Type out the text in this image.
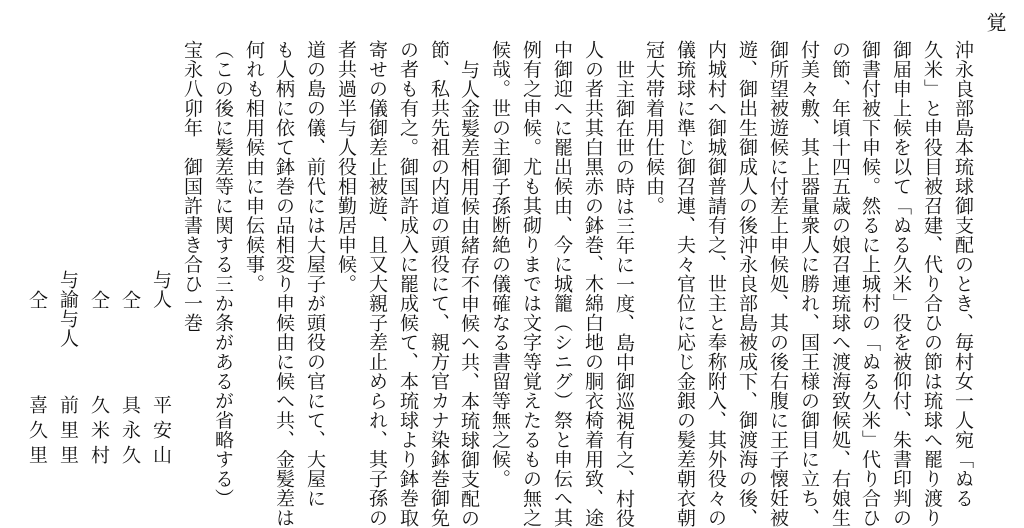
覚
沖永良部島本琉球御支配のとき、毎村女一人宛「ぬる
久米」と申役目被召建、代り合ひの節は琉球へ罷り渡り
御届申上候を以て「ぬる久米」役を被仰付、朱書印判の
御書付被下申候。然るに上城村の「ぬる久米」代り合ひ
の節、年頃十四五歳の娘召連琉球へ渡海致候処、右娘生
付美々敷、其上器量衆人に勝れ、国王様の御目に立ち、
御所望被遊候に付差上申候処、其の後右腹に王子懐妊被
遊、御出生御成人の後沖永良部島被成下、御渡海の後、
内城村へ御城御普請有之、世主と奉称附入、其外役々の
儀琉球に準じ御召連、夫々官位に応じ金銀の髪差朝衣朝
冠大帯着用仕候由。
世主御在世の時は三年に一度、島中御巡視有之、村役
人の者共其白黒赤の鉢巻、木綿白地の胴衣椅着用致、途
中御迎へに罷出候由、今に城籠（シニグ）祭と申伝へ其
例有之申候。尤も其砌りまでは文字等覚えたるもの無之
候哉。世の主御子孫断絶の儀確なる書留等無之候。
与人金髪差相用候由緒存不申候へ共、本琉球御支配の
節、私共先祖の内道の頭役にて、親方官カナ染鉢巻御免
の者も有之。御国許成入に罷成候て、本琉球より鉢巻取
寄せの儀御差止被遊、且又大親子差止められ、其子孫の
者共過半与人役相勤居申候。
道の島の儀、前代には大屋子が頭役の官にて、大屋に
も人柄に依て鉢巻の品相変り申候由に候へ共、金髪差は
何れも相用候由に申伝候事。
（この後に髪差等に関する三か条があるが省略する）
宝永八卯年　御国許書き合ひ一巻
与人
平安山
仝
具永久
仝
久米村
与諭与人
前里里
仝
喜久里
